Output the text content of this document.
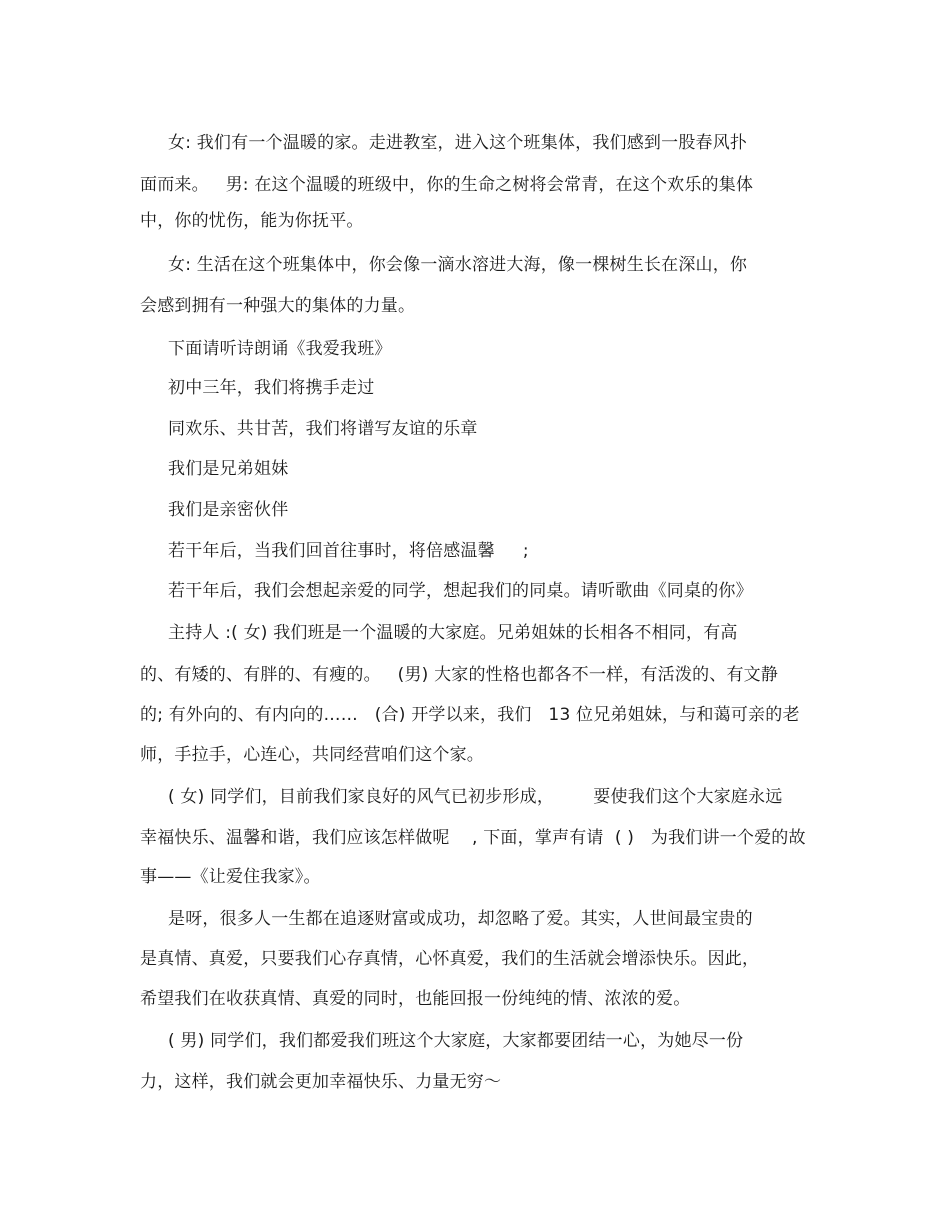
女: 我们有一个温暖的家。走进教室，进入这个班集体，我们感到一股春风扑
面而来。   男: 在这个温暖的班级中，你的生命之树将会常青，在这个欢乐的集体
中，你的忧伤，能为你抚平。
女: 生活在这个班集体中，你会像一滴水溶进大海，像一棵树生长在深山，你
会感到拥有一种强大的集体的力量。
下面请听诗朗诵《我爱我班》
初中三年，我们将携手走过
同欢乐、共甘苦，我们将谱写友谊的乐章
我们是兄弟姐妹
我们是亲密伙伴
若干年后，当我们回首往事时，将倍感温馨     ;
若干年后，我们会想起亲爱的同学，想起我们的同桌。请听歌曲《同桌的你》
主持人 :( 女) 我们班是一个温暖的大家庭。兄弟姐妹的长相各不相同，有高
的、有矮的、有胖的、有瘦的。   (男) 大家的性格也都各不一样，有活泼的、有文静
的; 有外向的、有内向的……   (合) 开学以来，我们   13 位兄弟姐妹，与和蔼可亲的老
师，手拉手，心连心，共同经营咱们这个家。
( 女) 同学们，目前我们家良好的风气已初步形成，       要使我们这个大家庭永远
幸福快乐、温馨和谐，我们应该怎样做呢    , 下面，掌声有请  ( )   为我们讲一个爱的故
事——《让爱住我家》。
是呀，很多人一生都在追逐财富或成功，却忽略了爱。其实，人世间最宝贵的
是真情、真爱，只要我们心存真情，心怀真爱，我们的生活就会增添快乐。因此，
希望我们在收获真情、真爱的同时，也能回报一份纯纯的情、浓浓的爱。
( 男) 同学们，我们都爱我们班这个大家庭，大家都要团结一心，为她尽一份
力，这样，我们就会更加幸福快乐、力量无穷～
